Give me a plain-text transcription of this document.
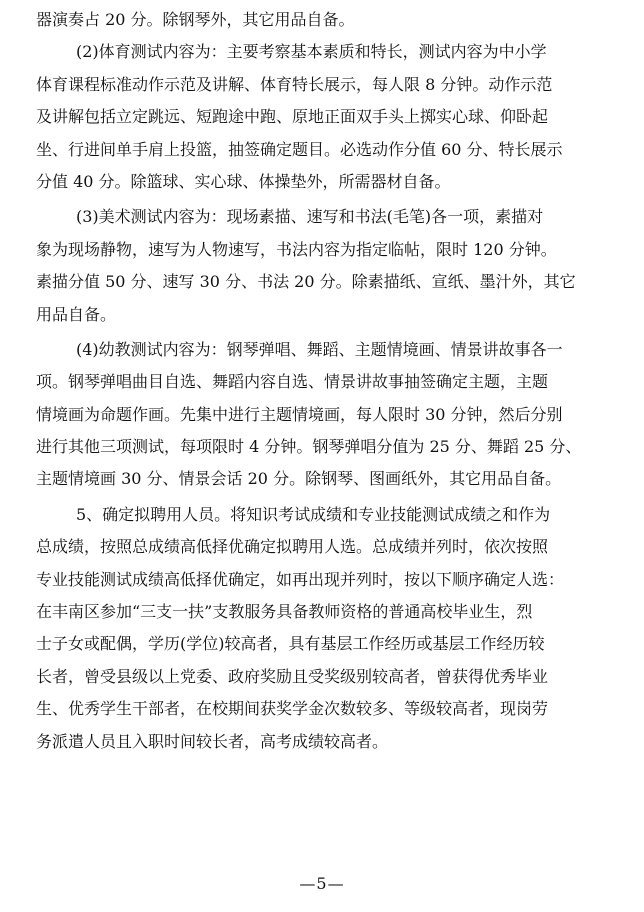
器演奏占 20 分。除钢琴外，其它用品自备。
(2)体育测试内容为：主要考察基本素质和特长，测试内容为中小学
体育课程标准动作示范及讲解、体育特长展示，每人限 8 分钟。动作示范
及讲解包括立定跳远、短跑途中跑、原地正面双手头上掷实心球、仰卧起
坐、行进间单手肩上投篮，抽签确定题目。必选动作分值 60 分、特长展示
分值 40 分。除篮球、实心球、体操垫外，所需器材自备。
(3)美术测试内容为：现场素描、速写和书法(毛笔)各一项，素描对
象为现场静物，速写为人物速写，书法内容为指定临帖，限时 120 分钟。
素描分值 50 分、速写 30 分、书法 20 分。除素描纸、宣纸、墨汁外，其它
用品自备。
(4)幼教测试内容为：钢琴弹唱、舞蹈、主题情境画、情景讲故事各一
项。钢琴弹唱曲目自选、舞蹈内容自选、情景讲故事抽签确定主题，主题
情境画为命题作画。先集中进行主题情境画，每人限时 30 分钟，然后分别
进行其他三项测试，每项限时 4 分钟。钢琴弹唱分值为 25 分、舞蹈 25 分、
主题情境画 30 分、情景会话 20 分。除钢琴、图画纸外，其它用品自备。
5、确定拟聘用人员。将知识考试成绩和专业技能测试成绩之和作为
总成绩，按照总成绩高低择优确定拟聘用人选。总成绩并列时，依次按照
专业技能测试成绩高低择优确定，如再出现并列时，按以下顺序确定人选：
在丰南区参加“三支一扶”支教服务具备教师资格的普通高校毕业生，烈
士子女或配偶，学历(学位)较高者，具有基层工作经历或基层工作经历较
长者，曾受县级以上党委、政府奖励且受奖级别较高者，曾获得优秀毕业
生、优秀学生干部者，在校期间获奖学金次数较多、等级较高者，现岗劳
务派遣人员且入职时间较长者，高考成绩较高者。
—5—
